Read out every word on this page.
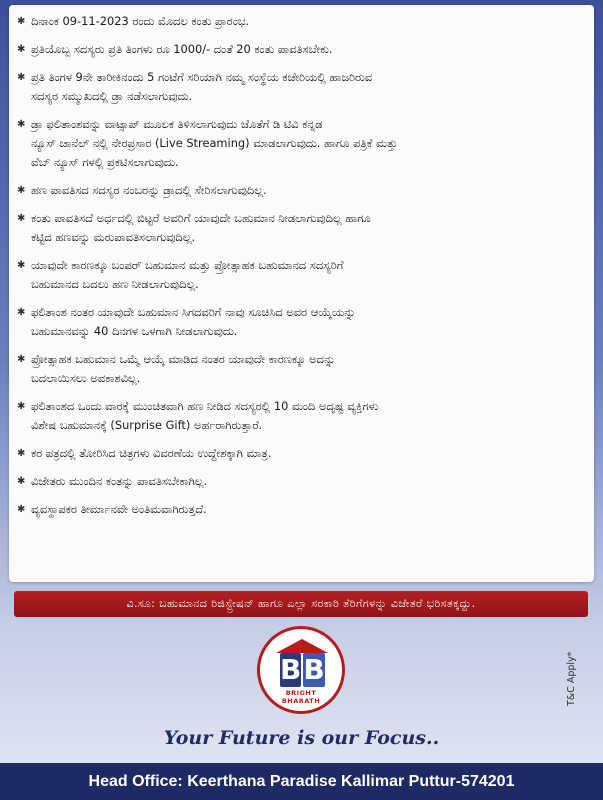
✱ ದಿನಾಂಕ 09-11-2023 ರಂದು ಮೊದಲ ಕಂತು ಪ್ರಾರಂಭ.
✱ ಪ್ರತಿಯೊಬ್ಬ ಸದಸ್ಯರು ಪ್ರತಿ ತಿಂಗಳು ರೂ 1000/- ದಂತೆ 20 ಕಂತು ಪಾವತಿಸಬೇಕು.
✱ ಪ್ರತಿ ತಿಂಗಳ 9ನೇ ತಾರೀಕಿನಂದು 5 ಗಂಟೆಗೆ ಸರಿಯಾಗಿ ನಮ್ಮ ಸಂಸ್ಥೆಯ ಕಚೇರಿಯಲ್ಲಿ ಹಾಜರಿರುವ
ಸದಸ್ಯರ ಸಮ್ಮುಖದಲ್ಲಿ ಡ್ರಾ ನಡೆಸಲಾಗುವುದು.
✱ ಡ್ರಾ ಫಲಿತಾಂಶವನ್ನು ವಾಟ್ಸಾಪ್ ಮೂಲಕ ತಿಳಿಸಲಾಗುವುದು ಜೊತೆಗೆ ಡಿ ಟಿವಿ ಕನ್ನಡ
ನ್ಯೂಸ್ ಚಾನೆಲ್ ನಲ್ಲಿ ನೇರಪ್ರಸಾರ (Live Streaming) ಮಾಡಲಾಗುವುದು. ಹಾಗೂ ಪತ್ರಿಕೆ ಮತ್ತು
ವೆಬ್ ನ್ಯೂಸ್ ಗಳಲ್ಲಿ ಪ್ರಕಟಿಸಲಾಗುವುದು.
✱ ಹಣ ಪಾವತಿಸದ ಸದಸ್ಯರ ನಂಬರನ್ನು ಡ್ರಾದಲ್ಲಿ ಸೇರಿಸಲಾಗುವುದಿಲ್ಲ.
✱ ಕಂತು ಪಾವತಿಸದೆ ಅರ್ಧದಲ್ಲಿ ಬಿಟ್ಟರೆ ಅವರಿಗೆ ಯಾವುದೇ ಬಹುಮಾನ ನೀಡಲಾಗುವುದಿಲ್ಲ ಹಾಗೂ
ಕಟ್ಟಿದ ಹಣವನ್ನು ಮರುಪಾವತಿಸಲಾಗುವುದಿಲ್ಲ.
✱ ಯಾವುದೇ ಕಾರಣಕ್ಕೂ ಬಂಪರ್ ಬಹುಮಾನ ಮತ್ತು ಪ್ರೋತ್ಸಾಹಕ ಬಹುಮಾನದ ಸದಸ್ಯರಿಗೆ
ಬಹುಮಾನದ ಬದಲು ಹಣ ನೀಡಲಾಗುವುದಿಲ್ಲ.
✱ ಫಲಿತಾಂಶ ನಂತರ ಯಾವುದೇ ಬಹುಮಾನ ಸಿಗದವರಿಗೆ ನಾವು ಸೂಚಿಸಿದ ಅವರ ಆಯ್ಕೆಯನ್ನು
ಬಹುಮಾನವನ್ನು 40 ದಿನಗಳ ಒಳಗಾಗಿ ನೀಡಲಾಗುವುದು.
✱ ಪ್ರೋತ್ಸಾಹಕ ಬಹುಮಾನ ಒಮ್ಮೆ ಆಯ್ಕೆ ಮಾಡಿದ ನಂತರ ಯಾವುದೇ ಕಾರಣಕ್ಕೂ ಅದನ್ನು
ಬದಲಾಯಿಸಲು ಅವಕಾಶವಿಲ್ಲ.
✱ ಫಲಿತಾಂಶದ ಒಂದು ವಾರಕ್ಕೆ ಮುಂಚಿತವಾಗಿ ಹಣ ನೀಡಿದ ಸದಸ್ಯರಲ್ಲಿ 10 ಮಂದಿ ಅದೃಷ್ಟ ವ್ಯಕ್ತಿಗಳು
ವಿಶೇಷ ಬಹುಮಾನಕ್ಕೆ (Surprise Gift) ಅರ್ಹರಾಗಿರುತ್ತಾರೆ.
✱ ಕರ ಪತ್ರದಲ್ಲಿ ತೋರಿಸಿದ ಚಿತ್ರಗಳು ವಿವರಣೆಯ ಉದ್ದೇಶಕ್ಕಾಗಿ ಮಾತ್ರ.
✱ ವಿಜೇತರು ಮುಂದಿನ ಕಂತನ್ನು ಪಾವತಿಸಬೇಕಾಗಿಲ್ಲ.
✱ ವ್ಯವಸ್ಥಾಪಕರ ತೀರ್ಮಾನವೇ ಅಂತಿಮವಾಗಿರುತ್ತದೆ.
ವಿ.ಸೂ: ಬಹುಮಾನದ ರಿಜಿಸ್ಟ್ರೇಷನ್ ಹಾಗೂ ಎಲ್ಲಾ ಸರಕಾರಿ ತೆರಿಗೆಗಳನ್ನು ವಿಜೇತರೆ ಭರಿಸತಕ್ಕದ್ದು.
B B
BRIGHT
BHARATH
Your Future is our Focus..
T&C Apply*
Head Office: Keerthana Paradise Kallimar Puttur-574201
